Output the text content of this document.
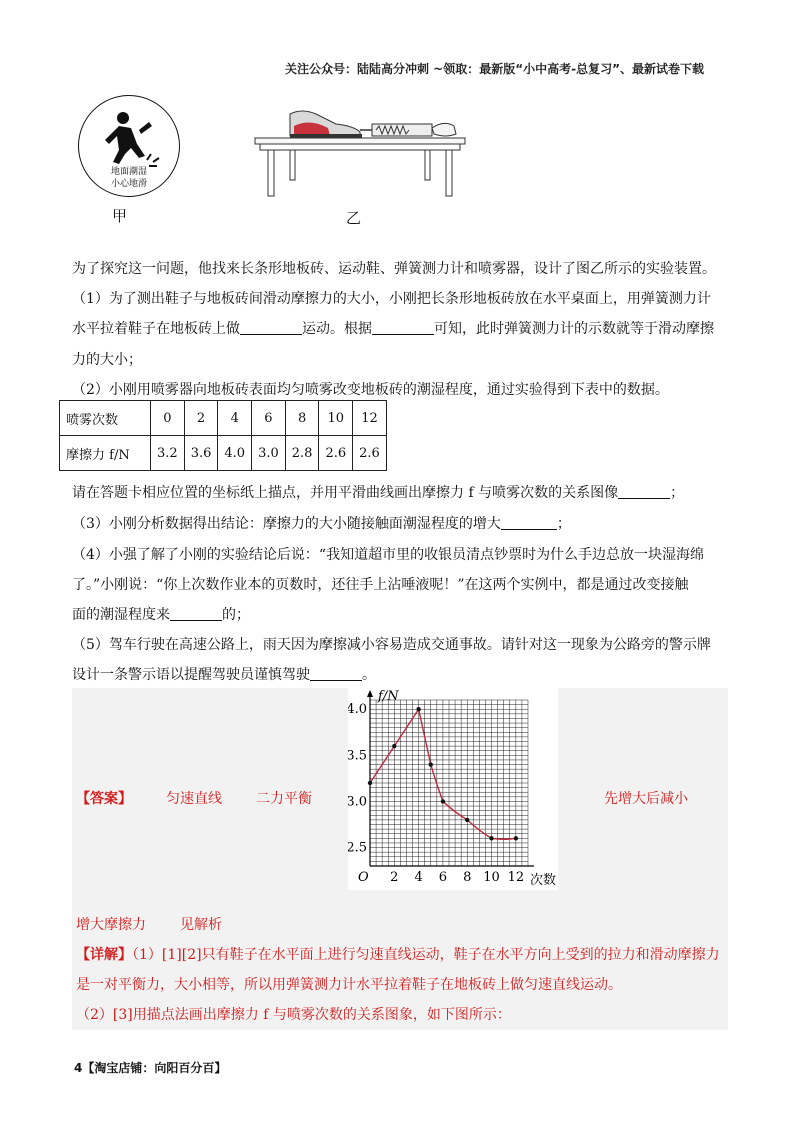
关注公众号：陆陆高分冲刺 ~领取：最新版“小中高考-总复习”、最新试卷下载
地面潮湿
小心地滑
甲	乙
为了探究这一问题，他找来长条形地板砖、运动鞋、弹簧测力计和喷雾器，设计了图乙所示的实验装置。
（1）为了测出鞋子与地板砖间滑动摩擦力的大小，小刚把长条形地板砖放在水平桌面上，用弹簧测力计
水平拉着鞋子在地板砖上做	运动。根据	可知，此时弹簧测力计的示数就等于滑动摩擦
力的大小；
（2）小刚用喷雾器向地板砖表面均匀喷雾改变地板砖的潮湿程度，通过实验得到下表中的数据。
喷雾次数	0	2	4	6	8	10	12
摩擦力 f/N	3.2	3.6	4.0	3.0	2.8	2.6	2.6
请在答题卡相应位置的坐标纸上描点，并用平滑曲线画出摩擦力 f 与喷雾次数的关系图像	；
（3）小刚分析数据得出结论：摩擦力的大小随接触面潮湿程度的增大	；
（4）小强了解了小刚的实验结论后说：“我知道超市里的收银员清点钞票时为什么手边总放一块湿海绵
了。”小刚说：“你上次数作业本的页数时，还往手上沾唾液呢！”在这两个实例中，都是通过改变接触
面的潮湿程度来	的；
（5）驾车行驶在高速公路上，雨天因为摩擦减小容易造成交通事故。请针对这一现象为公路旁的警示牌
设计一条警示语以提醒驾驶员谨慎驾驶	。
f/N
次数
O 2 4 6 8 10 12
2.5
3.0
3.5
4.0
【答案】 匀速直线 二力平衡	先增大后减小
增大摩擦力 见解析
【详解】（1）[1][2]只有鞋子在水平面上进行匀速直线运动，鞋子在水平方向上受到的拉力和滑动摩擦力
是一对平衡力，大小相等，所以用弹簧测力计水平拉着鞋子在地板砖上做匀速直线运动。
（2）[3]用描点法画出摩擦力 f 与喷雾次数的关系图象，如下图所示：
4【淘宝店铺：向阳百分百】
